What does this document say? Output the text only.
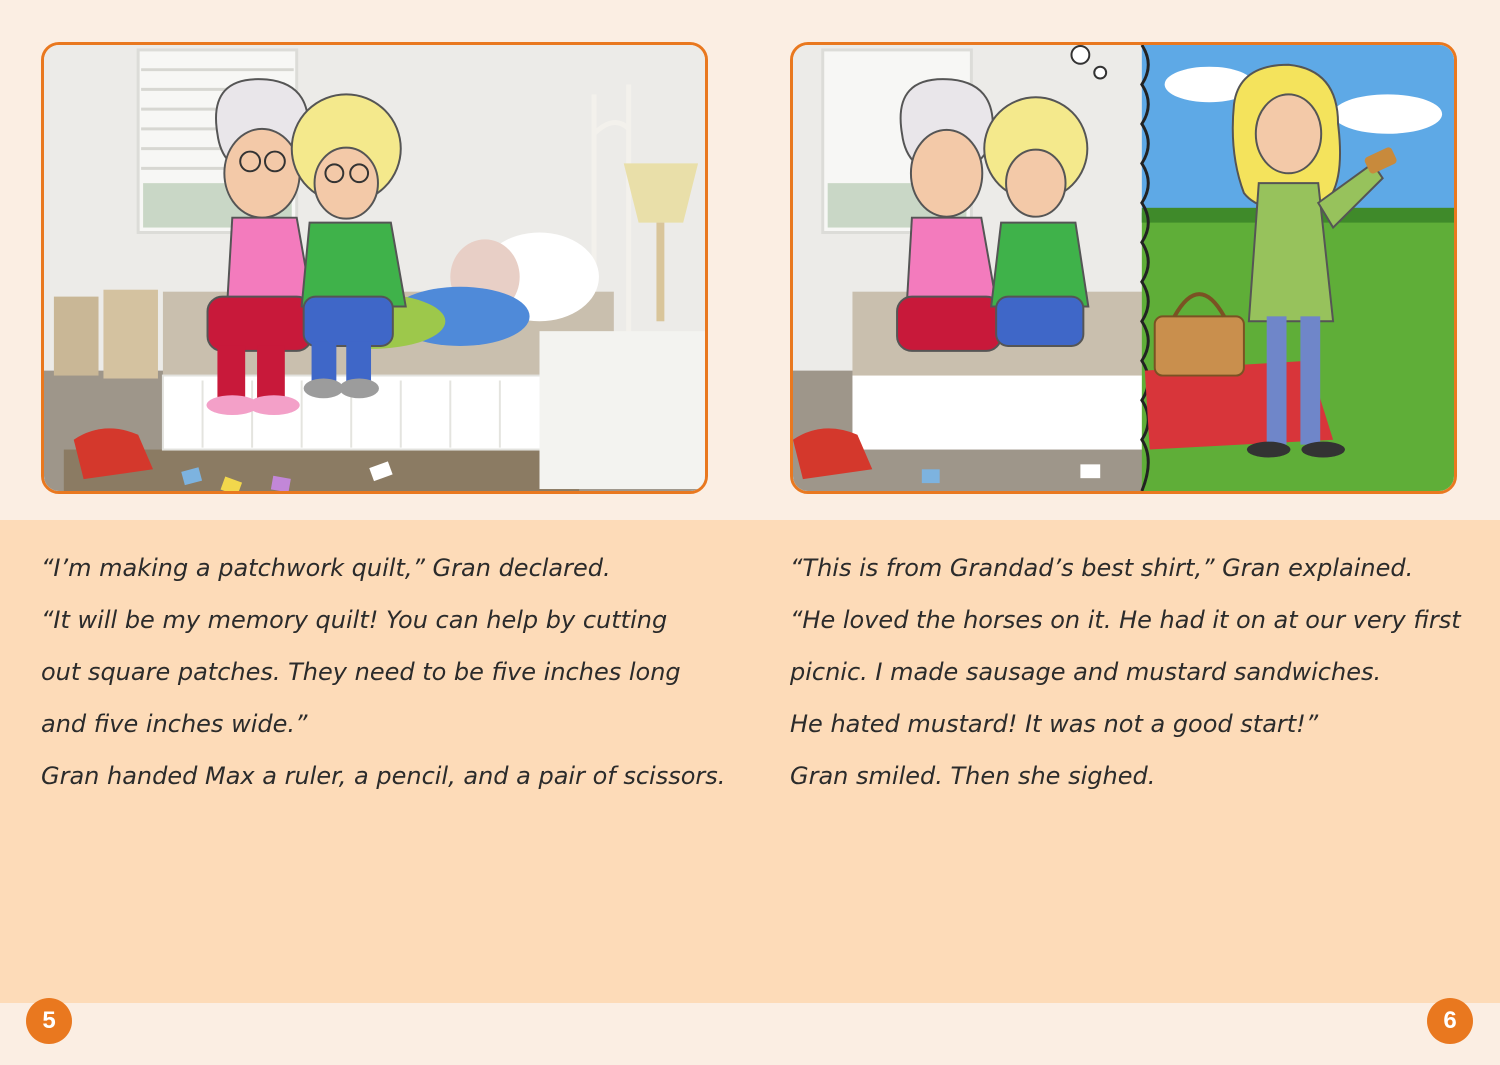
“I’m making a patchwork quilt,” Gran declared.

“It will be my memory quilt! You can help by cutting

out square patches. They need to be five inches long

and five inches wide.”

Gran handed Max a ruler, a pencil, and a pair of scissors.

“This is from Grandad’s best shirt,” Gran explained.

“He loved the horses on it. He had it on at our very first

picnic. I made sausage and mustard sandwiches.

He hated mustard! It was not a good start!”

Gran smiled. Then she sighed.

5	6
